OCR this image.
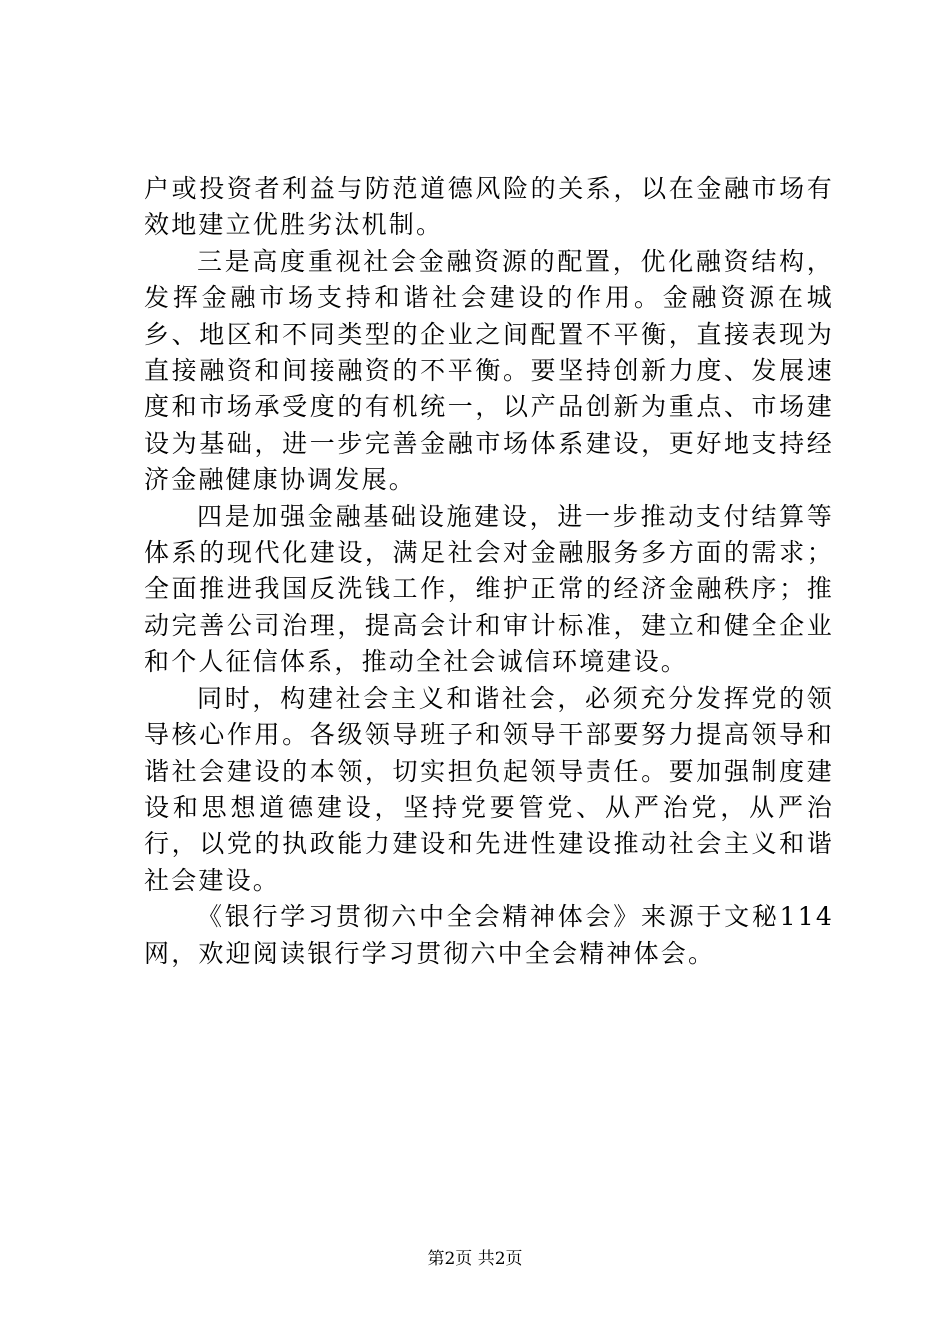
户或投资者利益与防范道德风险的关系，以在金融市场有效地建立优胜劣汰机制。

三是高度重视社会金融资源的配置，优化融资结构，发挥金融市场支持和谐社会建设的作用。金融资源在城乡、地区和不同类型的企业之间配置不平衡，直接表现为直接融资和间接融资的不平衡。要坚持创新力度、发展速度和市场承受度的有机统一，以产品创新为重点、市场建设为基础，进一步完善金融市场体系建设，更好地支持经济金融健康协调发展。

四是加强金融基础设施建设，进一步推动支付结算等体系的现代化建设，满足社会对金融服务多方面的需求；全面推进我国反洗钱工作，维护正常的经济金融秩序；推动完善公司治理，提高会计和审计标准，建立和健全企业和个人征信体系，推动全社会诚信环境建设。

同时，构建社会主义和谐社会，必须充分发挥党的领导核心作用。各级领导班子和领导干部要努力提高领导和谐社会建设的本领，切实担负起领导责任。要加强制度建设和思想道德建设，坚持党要管党、从严治党，从严治行，以党的执政能力建设和先进性建设推动社会主义和谐社会建设。

《银行学习贯彻六中全会精神体会》来源于文秘114网，欢迎阅读银行学习贯彻六中全会精神体会。

第2页 共2页
